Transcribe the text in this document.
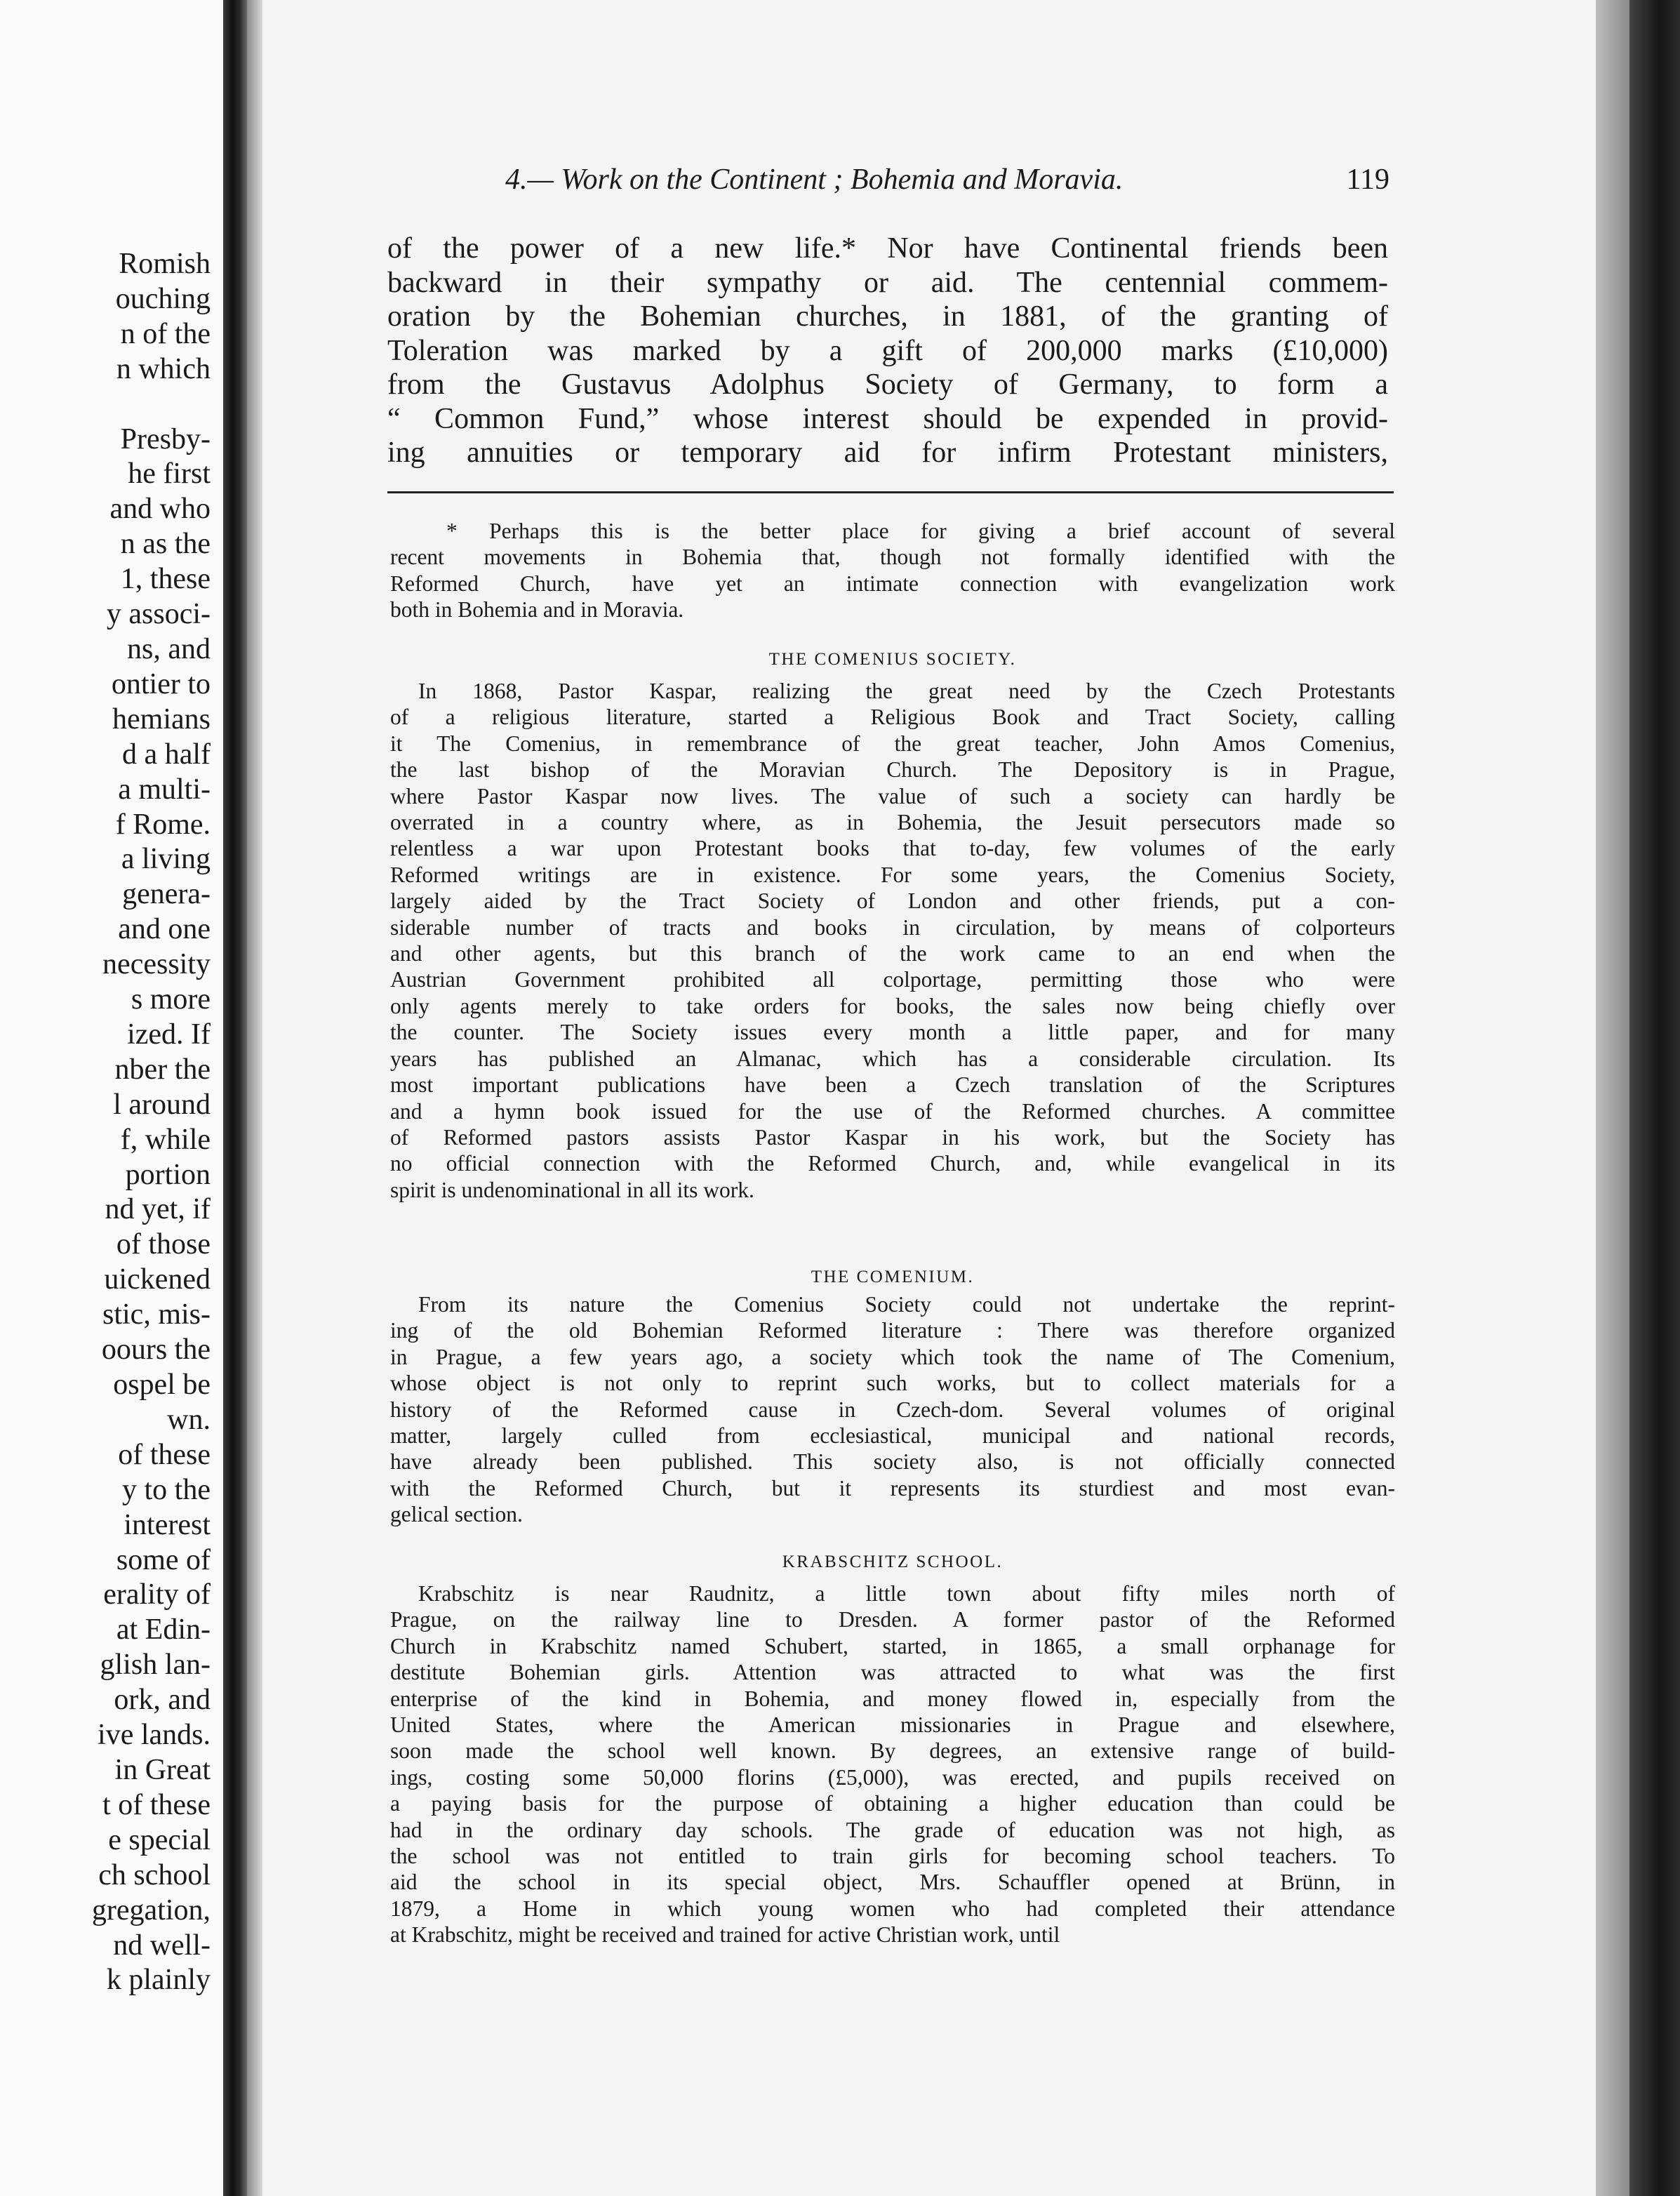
Romish
ouching
n of the
n which

Presby-
he first
and who
n as the
1, these
y associ-
ns, and
ontier to
hemians
d a half
a multi-
f Rome.
a living
genera-
and one
necessity
s more
ized. If
nber the
l around
f, while
portion
nd yet, if
of those
uickened
stic, mis-
oours the
ospel be
wn.
of these
y to the
interest
some of
erality of
at Edin-
glish lan-
ork, and
ive lands.
in Great
t of these
e special
ch school
gregation,
nd well-
k plainly
4.— Work on the Continent ; Bohemia and Moravia.	119
of the power of a new life.* Nor have Continental friends been
backward in their sympathy or aid. The centennial commem-
oration by the Bohemian churches, in 1881, of the granting of
Toleration was marked by a gift of 200,000 marks (£10,000)
from the Gustavus Adolphus Society of Germany, to form a
“ Common Fund,” whose interest should be expended in provid-
ing annuities or temporary aid for infirm Protestant ministers,
* Perhaps this is the better place for giving a brief account of several
recent movements in Bohemia that, though not formally identified with the
Reformed Church, have yet an intimate connection with evangelization work
both in Bohemia and in Moravia.
THE COMENIUS SOCIETY.
In 1868, Pastor Kaspar, realizing the great need by the Czech Protestants
of a religious literature, started a Religious Book and Tract Society, calling
it The Comenius, in remembrance of the great teacher, John Amos Comenius,
the last bishop of the Moravian Church. The Depository is in Prague,
where Pastor Kaspar now lives. The value of such a society can hardly be
overrated in a country where, as in Bohemia, the Jesuit persecutors made so
relentless a war upon Protestant books that to-day, few volumes of the early
Reformed writings are in existence. For some years, the Comenius Society,
largely aided by the Tract Society of London and other friends, put a con-
siderable number of tracts and books in circulation, by means of colporteurs
and other agents, but this branch of the work came to an end when the
Austrian Government prohibited all colportage, permitting those who were
only agents merely to take orders for books, the sales now being chiefly over
the counter. The Society issues every month a little paper, and for many
years has published an Almanac, which has a considerable circulation. Its
most important publications have been a Czech translation of the Scriptures
and a hymn book issued for the use of the Reformed churches. A committee
of Reformed pastors assists Pastor Kaspar in his work, but the Society has
no official connection with the Reformed Church, and, while evangelical in its
spirit is undenominational in all its work.
THE COMENIUM.
From its nature the Comenius Society could not undertake the reprint-
ing of the old Bohemian Reformed literature : There was therefore organized
in Prague, a few years ago, a society which took the name of The Comenium,
whose object is not only to reprint such works, but to collect materials for a
history of the Reformed cause in Czech-dom. Several volumes of original
matter, largely culled from ecclesiastical, municipal and national records,
have already been published. This society also, is not officially connected
with the Reformed Church, but it represents its sturdiest and most evan-
gelical section.
KRABSCHITZ SCHOOL.
Krabschitz is near Raudnitz, a little town about fifty miles north of
Prague, on the railway line to Dresden. A former pastor of the Reformed
Church in Krabschitz named Schubert, started, in 1865, a small orphanage for
destitute Bohemian girls. Attention was attracted to what was the first
enterprise of the kind in Bohemia, and money flowed in, especially from the
United States, where the American missionaries in Prague and elsewhere,
soon made the school well known. By degrees, an extensive range of build-
ings, costing some 50,000 florins (£5,000), was erected, and pupils received on
a paying basis for the purpose of obtaining a higher education than could be
had in the ordinary day schools. The grade of education was not high, as
the school was not entitled to train girls for becoming school teachers. To
aid the school in its special object, Mrs. Schauffler opened at Brünn, in
1879, a Home in which young women who had completed their attendance
at Krabschitz, might be received and trained for active Christian work, until
